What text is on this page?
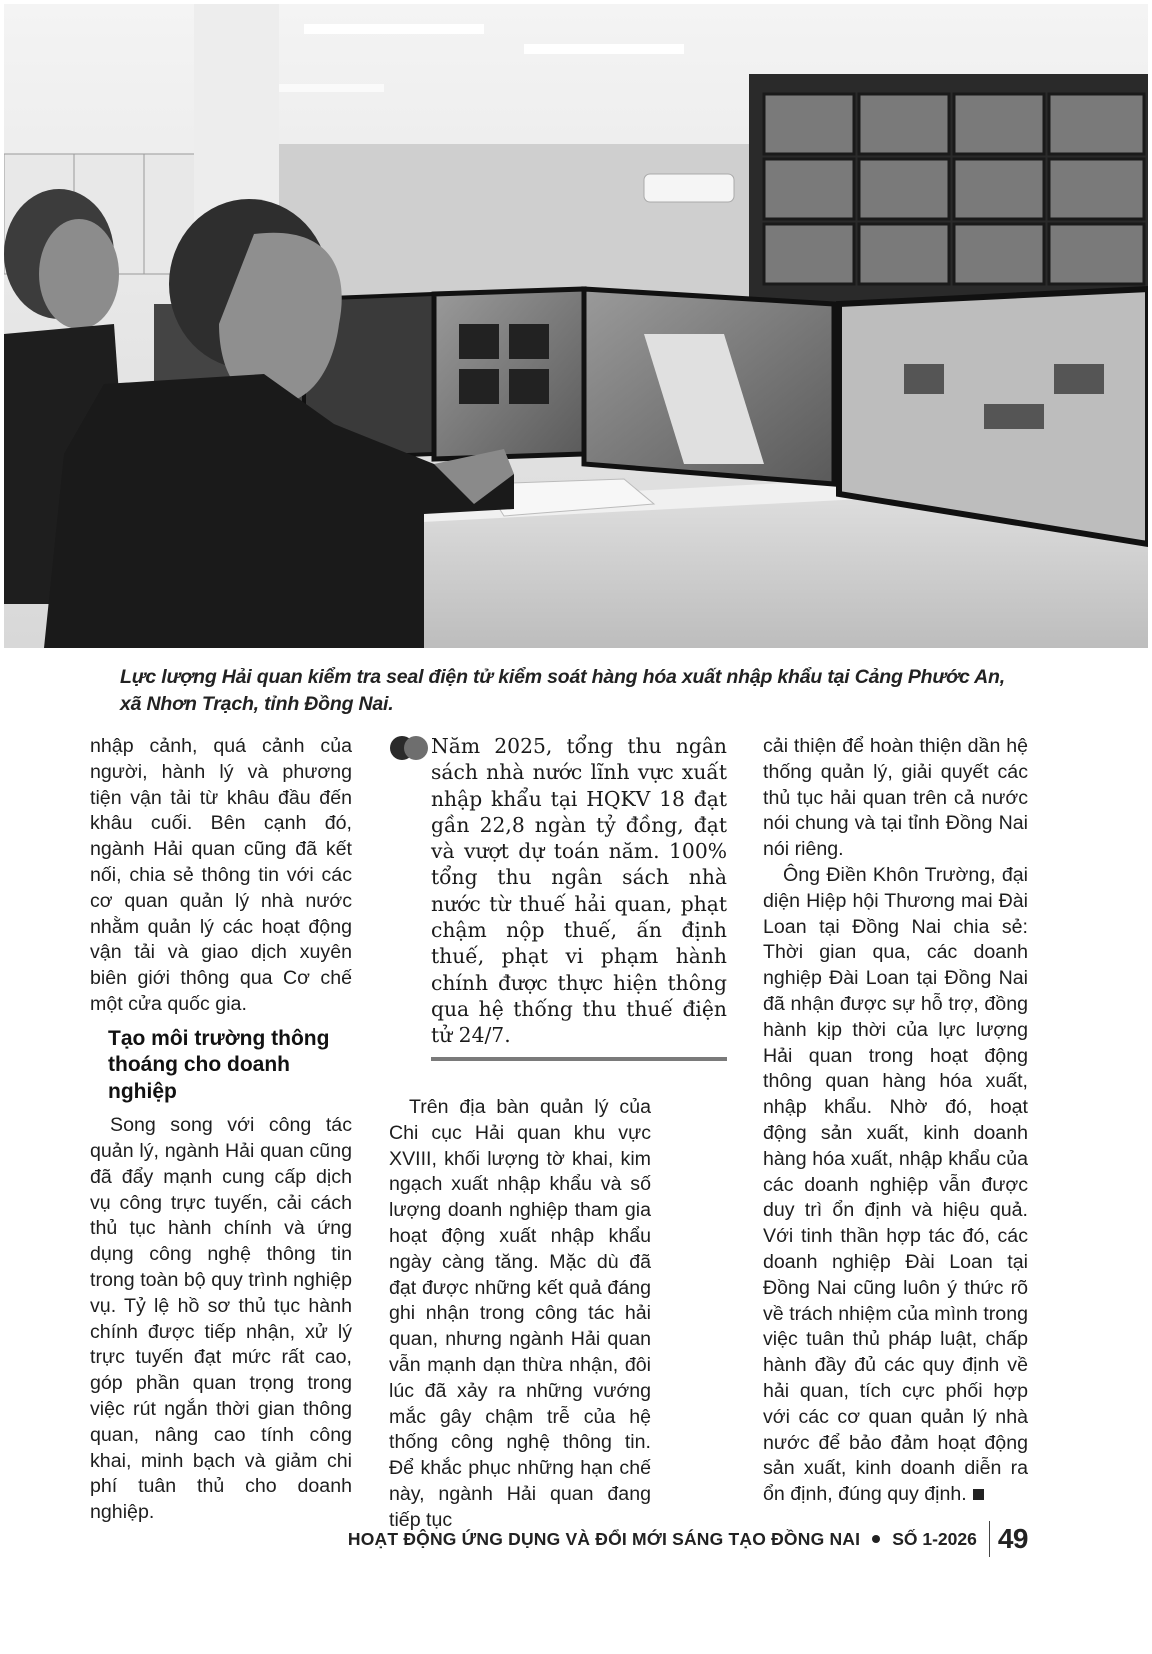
Lực lượng Hải quan kiểm tra seal điện tử kiểm soát hàng hóa xuất nhập khẩu tại Cảng Phước An,
xã Nhơn Trạch, tỉnh Đồng Nai.

nhập cảnh, quá cảnh của người, hành lý và phương tiện vận tải từ khâu đầu đến khâu cuối. Bên cạnh đó, ngành Hải quan cũng đã kết nối, chia sẻ thông tin với các cơ quan quản lý nhà nước nhằm quản lý các hoạt động vận tải và giao dịch xuyên biên giới thông qua Cơ chế một cửa quốc gia.

Tạo môi trường thông thoáng cho doanh nghiệp

Song song với công tác quản lý, ngành Hải quan cũng đã đẩy mạnh cung cấp dịch vụ công trực tuyến, cải cách thủ tục hành chính và ứng dụng công nghệ thông tin trong toàn bộ quy trình nghiệp vụ. Tỷ lệ hồ sơ thủ tục hành chính được tiếp nhận, xử lý trực tuyến đạt mức rất cao, góp phần quan trọng trong việc rút ngắn thời gian thông quan, nâng cao tính công khai, minh bạch và giảm chi phí tuân thủ cho doanh nghiệp.

Năm 2025, tổng thu ngân sách nhà nước lĩnh vực xuất nhập khẩu tại HQKV 18 đạt gần 22,8 ngàn tỷ đồng, đạt và vượt dự toán năm. 100% tổng thu ngân sách nhà nước từ thuế hải quan, phạt chậm nộp thuế, ấn định thuế, phạt vi phạm hành chính được thực hiện thông qua hệ thống thu thuế điện tử 24/7.

Trên địa bàn quản lý của Chi cục Hải quan khu vực XVIII, khối lượng tờ khai, kim ngạch xuất nhập khẩu và số lượng doanh nghiệp tham gia hoạt động xuất nhập khẩu ngày càng tăng. Mặc dù đã đạt được những kết quả đáng ghi nhận trong công tác hải quan, nhưng ngành Hải quan vẫn mạnh dạn thừa nhận, đôi lúc đã xảy ra những vướng mắc gây chậm trễ của hệ thống công nghệ thông tin. Để khắc phục những hạn chế này, ngành Hải quan đang tiếp tục

cải thiện để hoàn thiện dần hệ thống quản lý, giải quyết các thủ tục hải quan trên cả nước nói chung và tại tỉnh Đồng Nai nói riêng.

Ông Điền Khôn Trường, đại diện Hiệp hội Thương mai Đài Loan tại Đồng Nai chia sẻ: Thời gian qua, các doanh nghiệp Đài Loan tại Đồng Nai đã nhận được sự hỗ trợ, đồng hành kịp thời của lực lượng Hải quan trong hoạt động thông quan hàng hóa xuất, nhập khẩu. Nhờ đó, hoạt động sản xuất, kinh doanh hàng hóa xuất, nhập khẩu của các doanh nghiệp vẫn được duy trì ổn định và hiệu quả. Với tinh thần hợp tác đó, các doanh nghiệp Đài Loan tại Đồng Nai cũng luôn ý thức rõ về trách nhiệm của mình trong việc tuân thủ pháp luật, chấp hành đầy đủ các quy định về hải quan, tích cực phối hợp với các cơ quan quản lý nhà nước để bảo đảm hoạt động sản xuất, kinh doanh diễn ra ổn định, đúng quy định.

HOẠT ĐỘNG ỨNG DỤNG VÀ ĐỔI MỚI SÁNG TẠO ĐỒNG NAI SỐ 1-2026 49
